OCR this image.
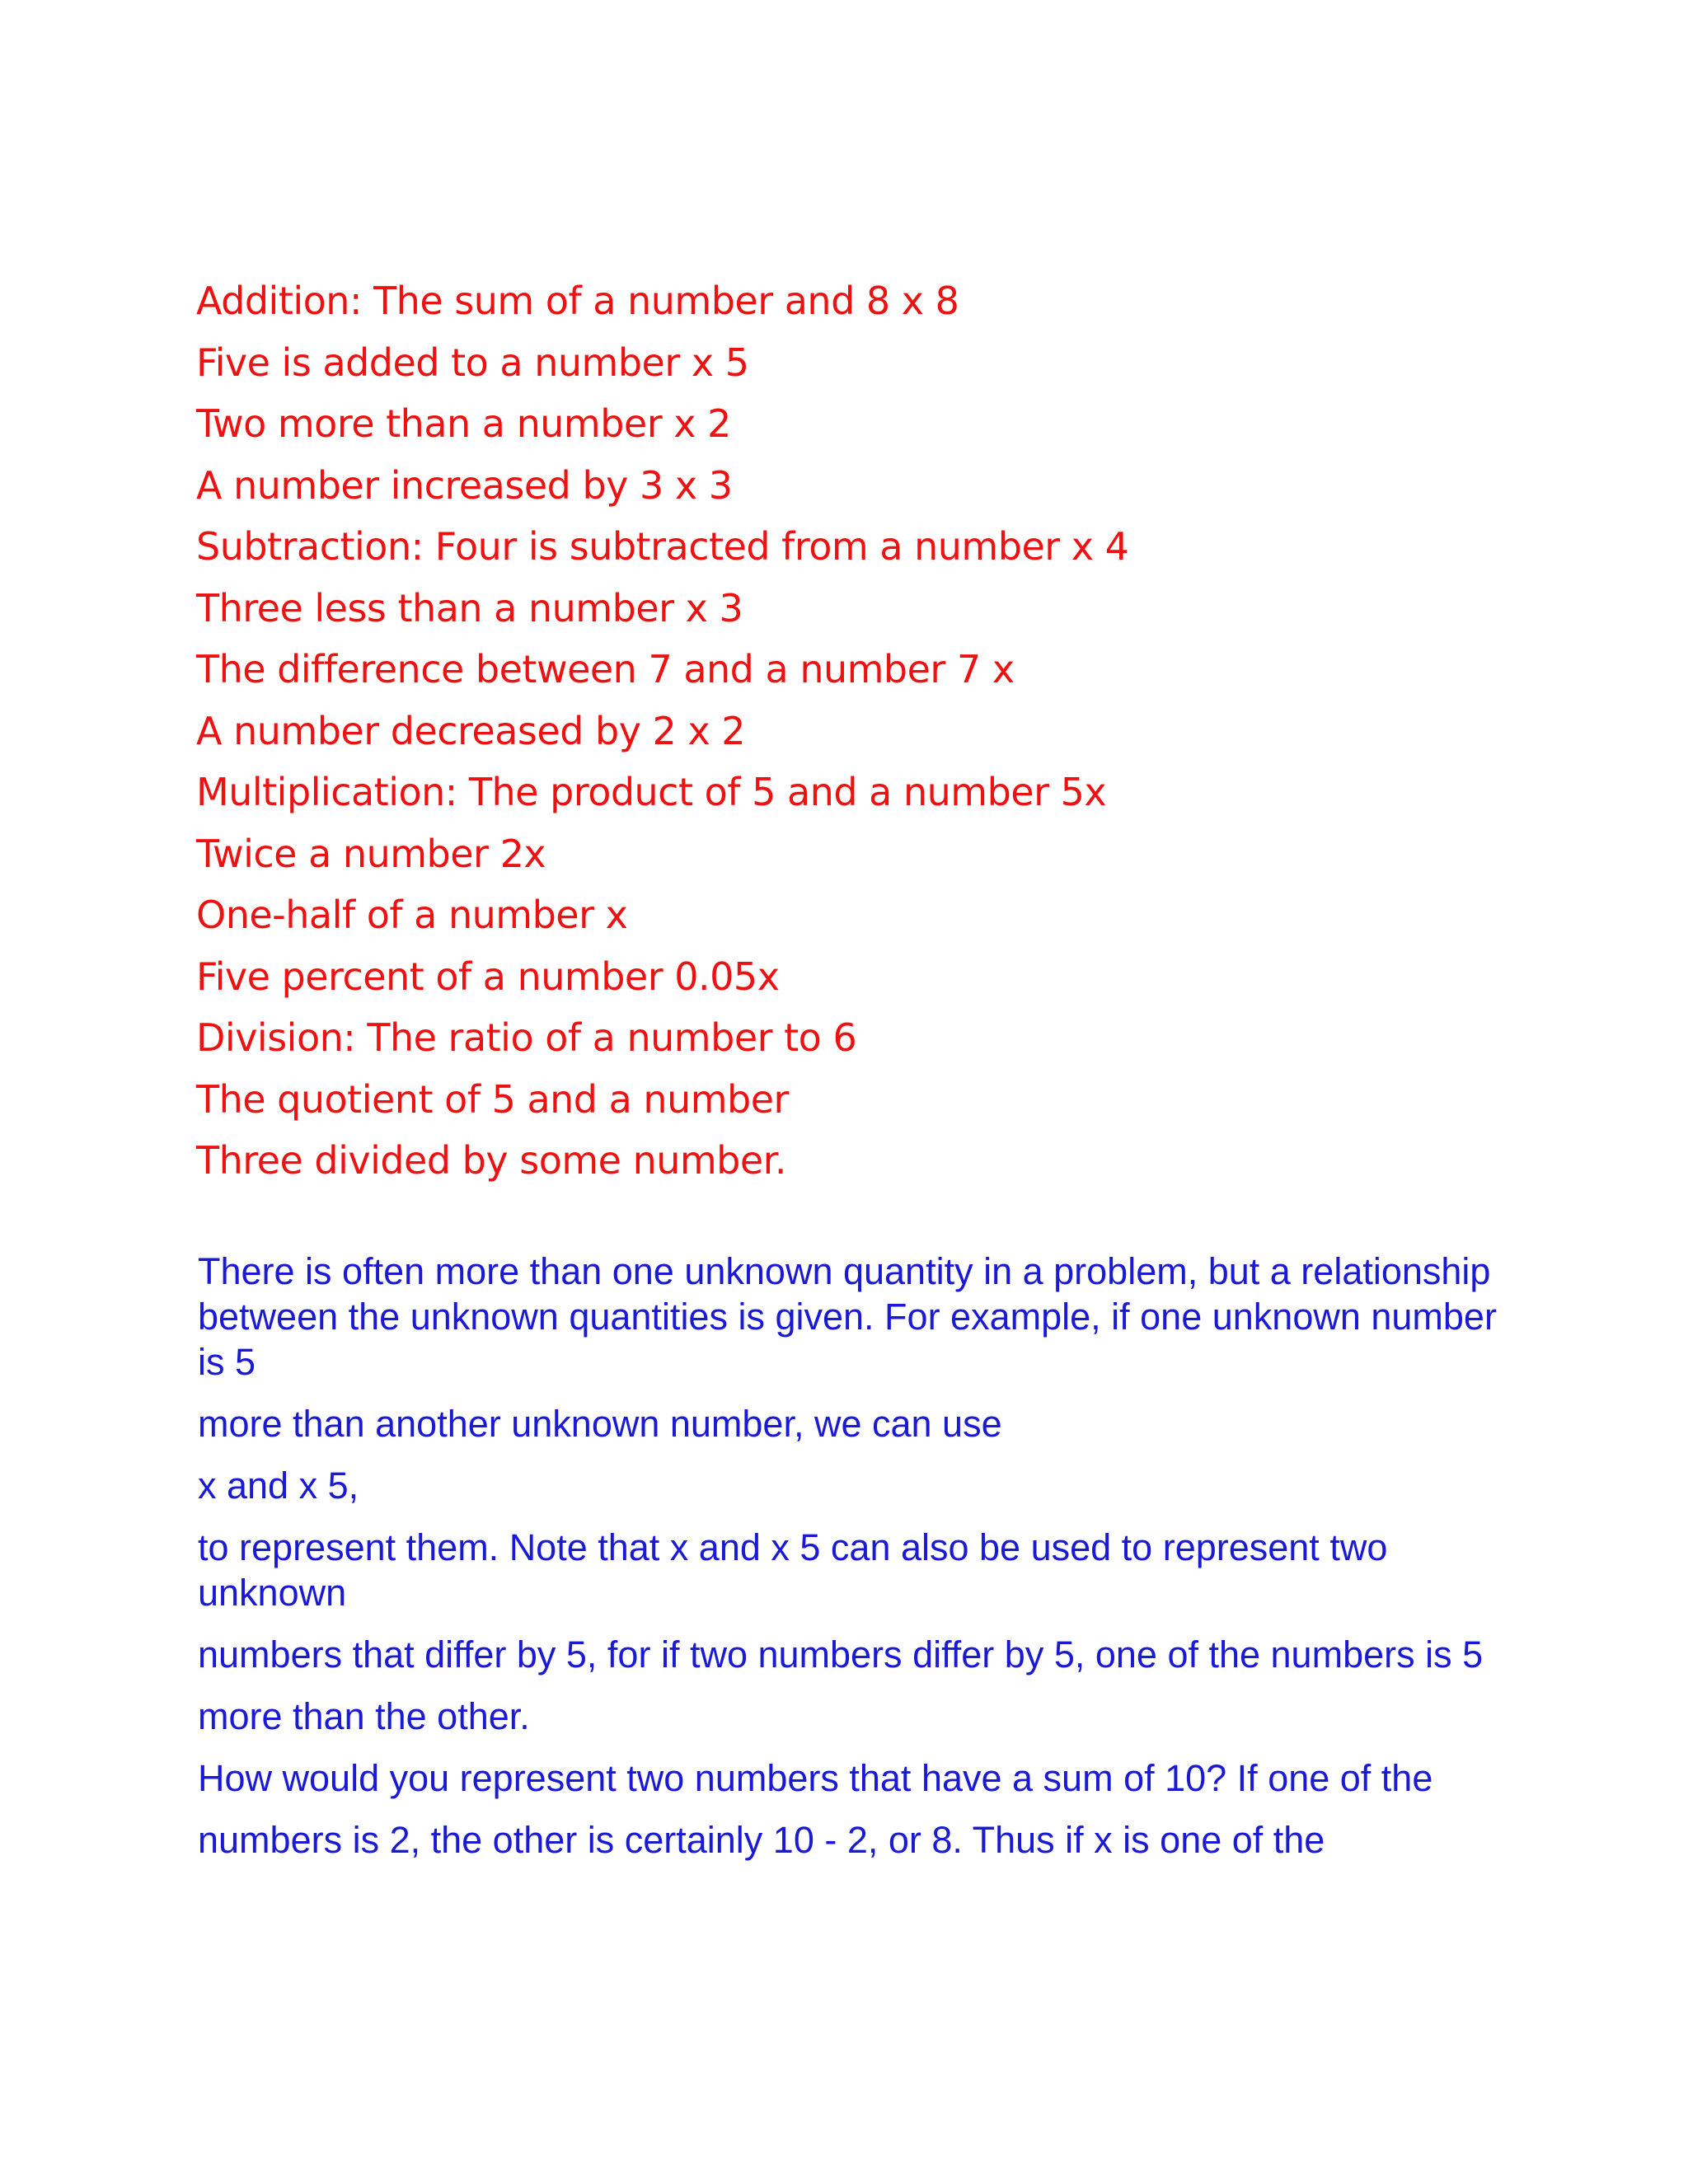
Addition: The sum of a number and 8 x 8
Five is added to a number x 5
Two more than a number x 2
A number increased by 3 x 3
Subtraction: Four is subtracted from a number x 4
Three less than a number x 3
The difference between 7 and a number 7 x
A number decreased by 2 x 2
Multiplication: The product of 5 and a number 5x
Twice a number 2x
One-half of a number x
Five percent of a number 0.05x
Division: The ratio of a number to 6
The quotient of 5 and a number
Three divided by some number.

There is often more than one unknown quantity in a problem, but a relationship between the unknown quantities is given. For example, if one unknown number is 5

more than another unknown number, we can use

x and x 5,

to represent them. Note that x and x 5 can also be used to represent two unknown

numbers that differ by 5, for if two numbers differ by 5, one of the numbers is 5

more than the other.

How would you represent two numbers that have a sum of 10? If one of the

numbers is 2, the other is certainly 10 - 2, or 8. Thus if x is one of the
